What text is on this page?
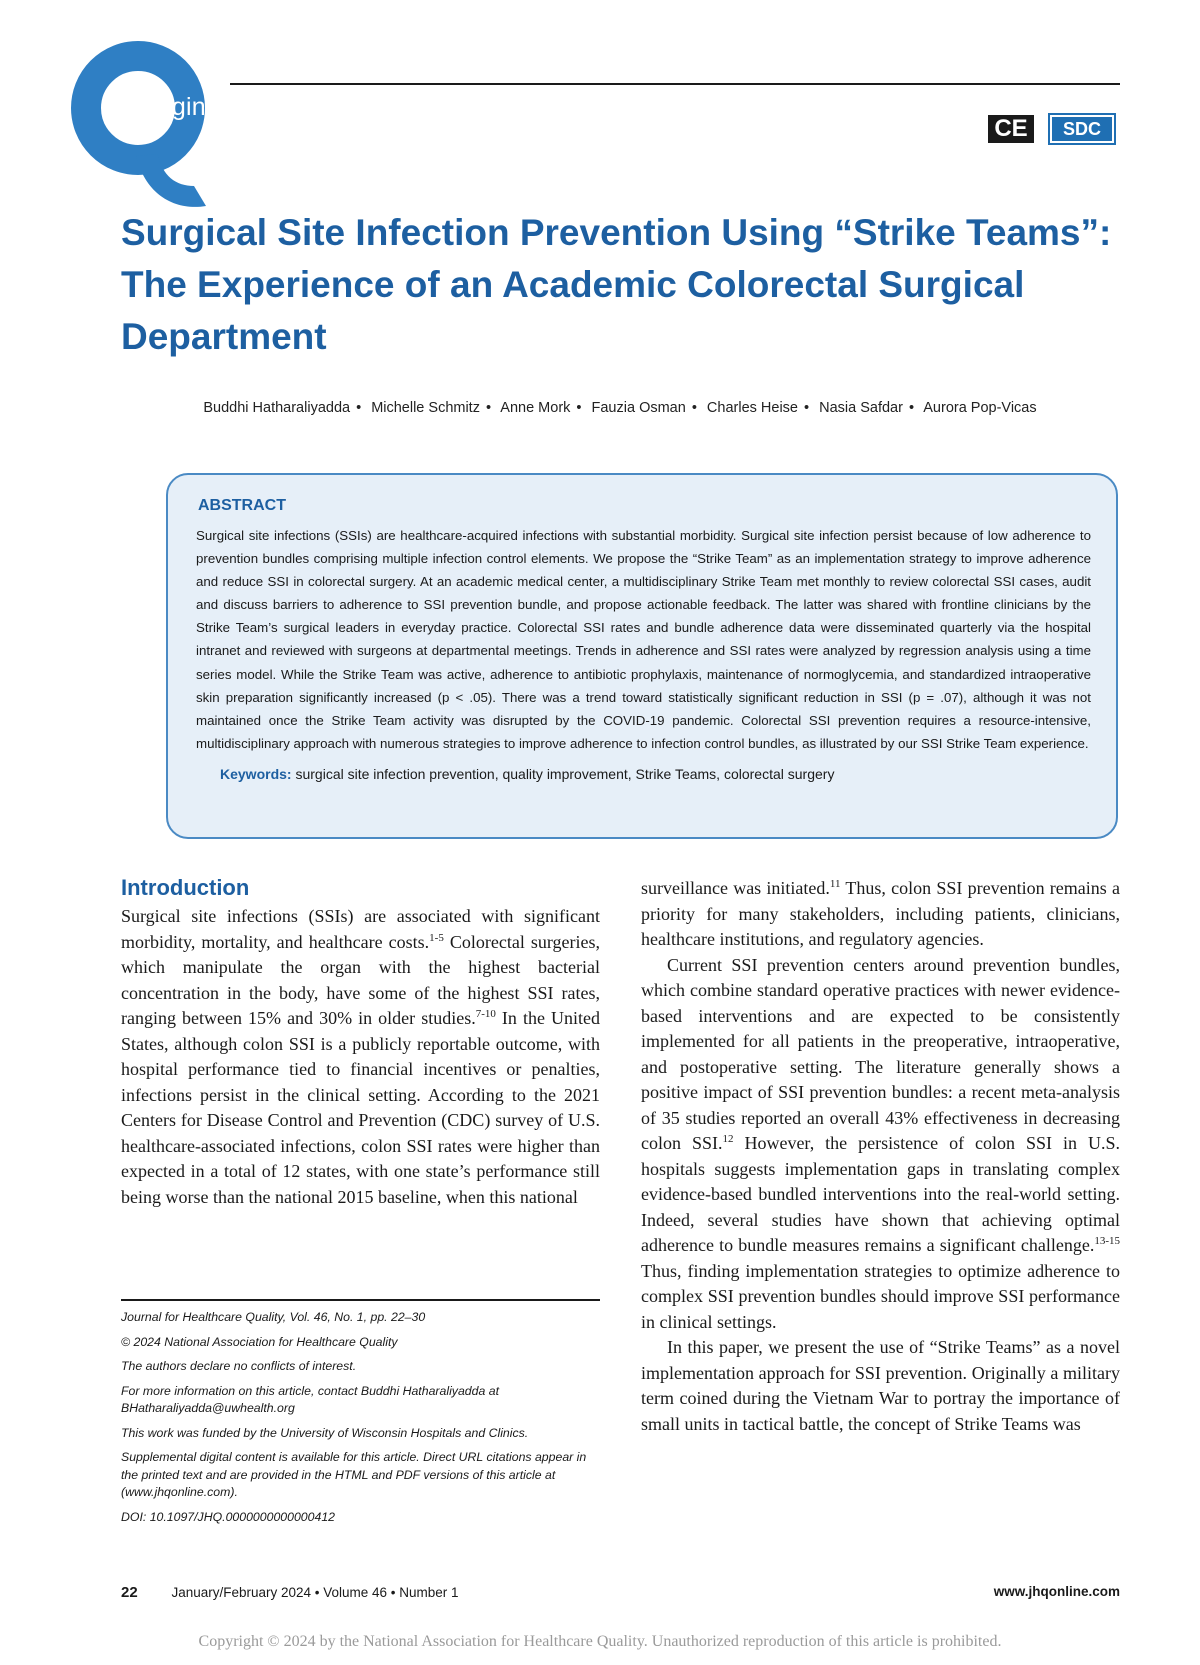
Original Article
CE	SDC
Surgical Site Infection Prevention Using “Strike Teams”: The Experience of an Academic Colorectal Surgical Department
Buddhi Hatharaliyadda • Michelle Schmitz • Anne Mork • Fauzia Osman • Charles Heise • Nasia Safdar • Aurora Pop-Vicas
ABSTRACT

Surgical site infections (SSIs) are healthcare-acquired infections with substantial morbidity. Surgical site infection persist because of low adherence to prevention bundles comprising multiple infection control elements. We propose the “Strike Team” as an implementation strategy to improve adherence and reduce SSI in colorectal surgery. At an academic medical center, a multidisciplinary Strike Team met monthly to review colorectal SSI cases, audit and discuss barriers to adherence to SSI prevention bundle, and propose actionable feedback. The latter was shared with frontline clinicians by the Strike Team’s surgical leaders in everyday practice. Colorectal SSI rates and bundle adherence data were disseminated quarterly via the hospital intranet and reviewed with surgeons at departmental meetings. Trends in adherence and SSI rates were analyzed by regression analysis using a time series model. While the Strike Team was active, adherence to antibiotic prophylaxis, maintenance of normoglycemia, and standardized intraoperative skin preparation significantly increased (p < .05). There was a trend toward statistically significant reduction in SSI (p = .07), although it was not maintained once the Strike Team activity was disrupted by the COVID-19 pandemic. Colorectal SSI prevention requires a resource-intensive, multidisciplinary approach with numerous strategies to improve adherence to infection control bundles, as illustrated by our SSI Strike Team experience.

Keywords: surgical site infection prevention, quality improvement, Strike Teams, colorectal surgery
Introduction

Surgical site infections (SSIs) are associated with significant morbidity, mortality, and healthcare costs.$^{1-5}$ Colorectal surgeries, which manipulate the organ with the highest bacterial concentration in the body, have some of the highest SSI rates, ranging between 15% and 30% in older studies.$^{7-10}$ In the United States, although colon SSI is a publicly reportable outcome, with hospital performance tied to financial incentives or penalties, infections persist in the clinical setting. According to the 2021 Centers for Disease Control and Prevention (CDC) survey of U.S. healthcare-associated infections, colon SSI rates were higher than expected in a total of 12 states, with one state’s performance still being worse than the national 2015 baseline, when this national

Journal for Healthcare Quality, Vol. 46, No. 1, pp. 22–30
© 2024 National Association for Healthcare Quality
The authors declare no conflicts of interest.
For more information on this article, contact Buddhi Hatharaliyadda at BHatharaliyadda@uwhealth.org
This work was funded by the University of Wisconsin Hospitals and Clinics.
Supplemental digital content is available for this article. Direct URL citations appear in the printed text and are provided in the HTML and PDF versions of this article at (www.jhqonline.com).
DOI: 10.1097/JHQ.0000000000000412

surveillance was initiated.$^{11}$ Thus, colon SSI prevention remains a priority for many stakeholders, including patients, clinicians, healthcare institutions, and regulatory agencies.

Current SSI prevention centers around prevention bundles, which combine standard operative practices with newer evidence-based interventions and are expected to be consistently implemented for all patients in the preoperative, intraoperative, and postoperative setting. The literature generally shows a positive impact of SSI prevention bundles: a recent meta-analysis of 35 studies reported an overall 43% effectiveness in decreasing colon SSI.$^{12}$ However, the persistence of colon SSI in U.S. hospitals suggests implementation gaps in translating complex evidence-based bundled interventions into the real-world setting. Indeed, several studies have shown that achieving optimal adherence to bundle measures remains a significant challenge.$^{13-15}$ Thus, finding implementation strategies to optimize adherence to complex SSI prevention bundles should improve SSI performance in clinical settings.

In this paper, we present the use of “Strike Teams” as a novel implementation approach for SSI prevention. Originally a military term coined during the Vietnam War to portray the importance of small units in tactical battle, the concept of Strike Teams was

22	January/February 2024 • Volume 46 • Number 1	www.jhqonline.com
Copyright © 2024 by the National Association for Healthcare Quality. Unauthorized reproduction of this article is prohibited.
